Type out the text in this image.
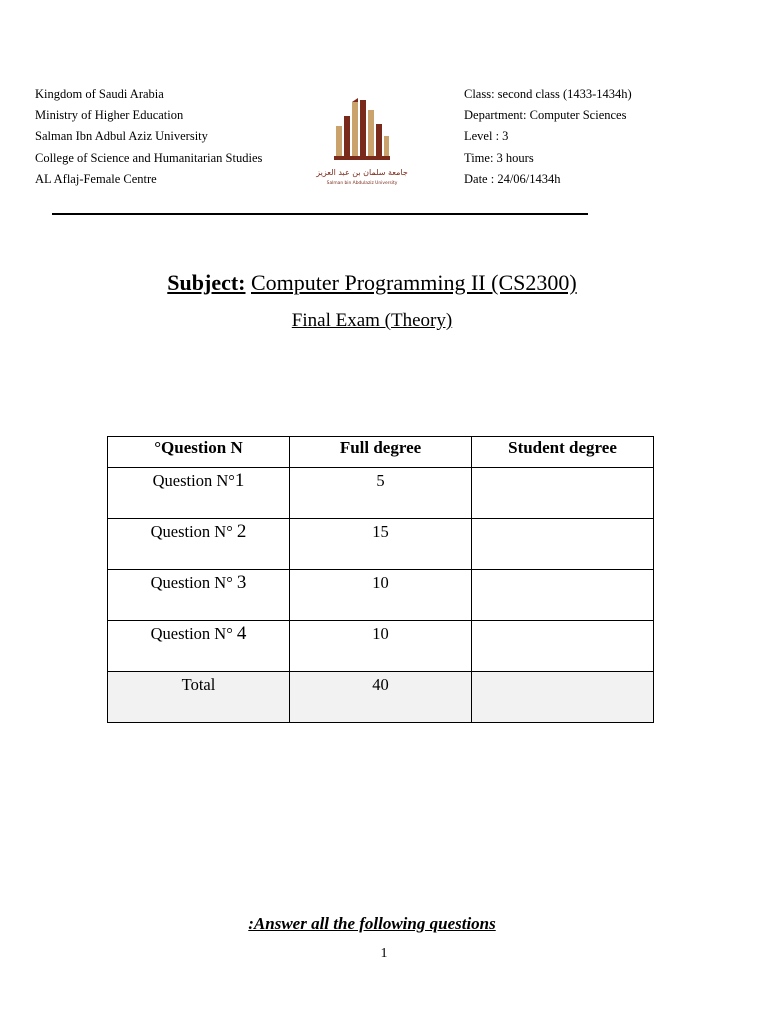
Kingdom of Saudi Arabia
Ministry of Higher Education
Salman Ibn Adbul Aziz University
College of Science and Humanitarian Studies
AL Aflaj-Female Centre	جامعة سلمان بن عبد العزيز
Salman bin Abdulaziz University
Class: second class (1433-1434h)
Department: Computer Sciences
Level : 3
Time: 3 hours
Date : 24/06/1434h
Subject: Computer Programming II (CS2300)
Final Exam (Theory)
°Question N	Full degree	Student degree
Question N°1	5	
Question N° 2	15	
Question N° 3	10	
Question N° 4	10	
Total	40	
:Answer all the following questions
1
